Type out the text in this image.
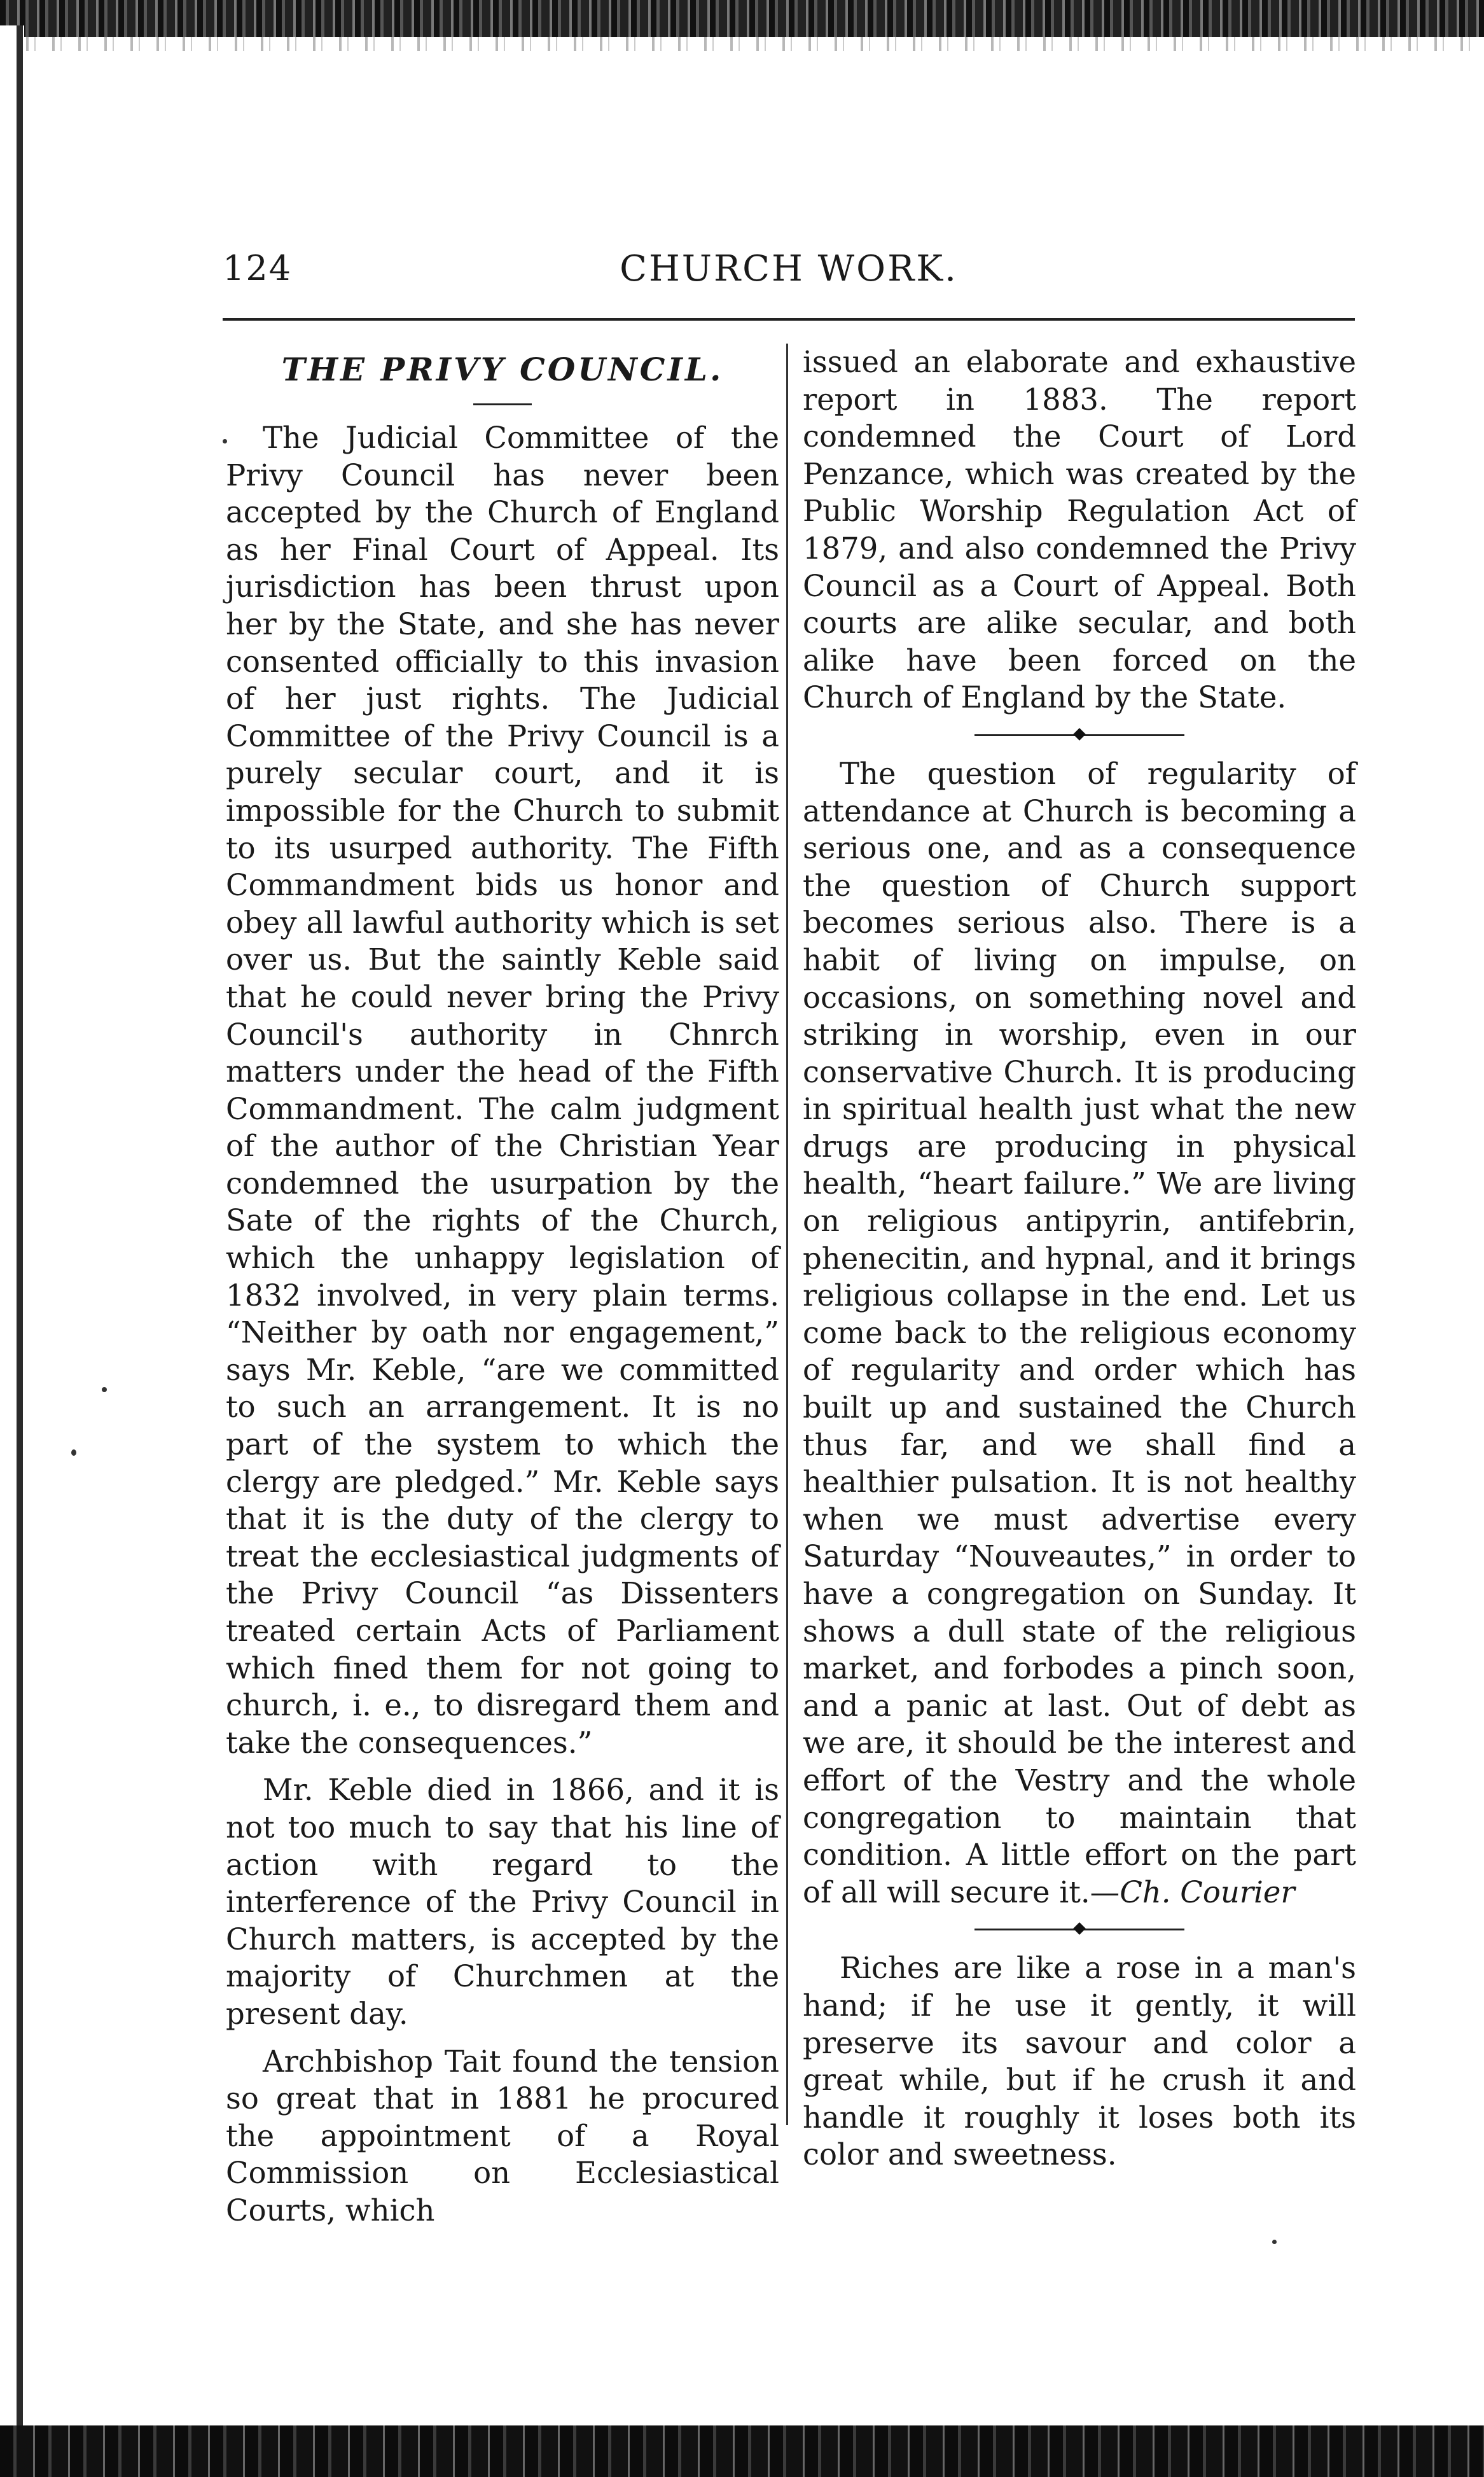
124	CHURCH WORK.
THE PRIVY COUNCIL.

The Judicial Committee of the Privy Council has never been accepted by the Church of England as her Final Court of Appeal. Its jurisdiction has been thrust upon her by the State, and she has never consented officially to this invasion of her just rights. The Judicial Committee of the Privy Council is a purely secular court, and it is impossible for the Church to submit to its usurped authority. The Fifth Commandment bids us honor and obey all lawful authority which is set over us. But the saintly Keble said that he could never bring the Privy Council's authority in Chnrch matters under the head of the Fifth Commandment. The calm judgment of the author of the Christian Year condemned the usurpation by the Sate of the rights of the Church, which the unhappy legislation of 1832 involved, in very plain terms. “Neither by oath nor engagement,” says Mr. Keble, “are we committed to such an arrangement. It is no part of the system to which the clergy are pledged.” Mr. Keble says that it is the duty of the clergy to treat the ecclesiastical judgments of the Privy Council “as Dissenters treated certain Acts of Parliament which fined them for not going to church, i. e., to disregard them and take the consequences.”

Mr. Keble died in 1866, and it is not too much to say that his line of action with regard to the interference of the Privy Council in Church matters, is accepted by the majority of Churchmen at the present day.

Archbishop Tait found the tension so great that in 1881 he procured the appointment of a Royal Commission on Ecclesiastical Courts, which

issued an elaborate and exhaustive report in 1883. The report condemned the Court of Lord Penzance, which was created by the Public Worship Regulation Act of 1879, and also condemned the Privy Council as a Court of Appeal. Both courts are alike secular, and both alike have been forced on the Church of England by the State.

The question of regularity of attendance at Church is becoming a serious one, and as a consequence the question of Church support becomes serious also. There is a habit of living on impulse, on occasions, on something novel and striking in worship, even in our conservative Church. It is producing in spiritual health just what the new drugs are producing in physical health, “heart failure.” We are living on religious antipyrin, antifebrin, phenecitin, and hypnal, and it brings religious collapse in the end. Let us come back to the religious economy of regularity and order which has built up and sustained the Church thus far, and we shall find a healthier pulsation. It is not healthy when we must advertise every Saturday “Nouveautes,” in order to have a congregation on Sunday. It shows a dull state of the religious market, and forbodes a pinch soon, and a panic at last. Out of debt as we are, it should be the interest and effort of the Vestry and the whole congregation to maintain that condition. A little effort on the part of all will secure it.—Ch. Courier

Riches are like a rose in a man's hand; if he use it gently, it will preserve its savour and color a great while, but if he crush it and handle it roughly it loses both its color and sweetness.
